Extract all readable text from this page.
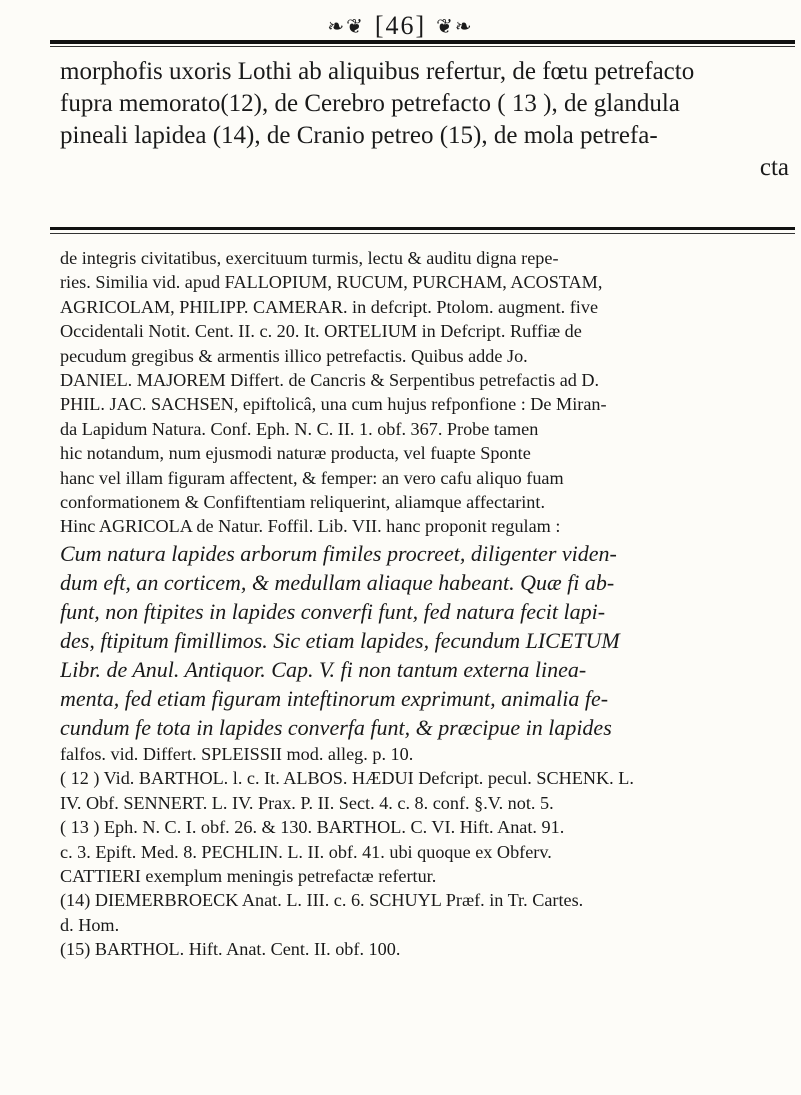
❧❦ [46] ❦❧
morphofis uxoris Lothi ab aliquibus refertur, de fœtu petrefacto
fupra memorato(12), de Cerebro petrefacto ( 13 ), de glandula
pineali lapidea (14), de Cranio petreo (15), de mola petrefa-
cta
de integris civitatibus, exercituum turmis, lectu & auditu digna repe-
ries. Similia vid. apud FALLOPIUM, RUCUM, PURCHAM, ACOSTAM,
AGRICOLAM, PHILIPP. CAMERAR. in defcript. Ptolom. augment. five
Occidentali Notit. Cent. II. c. 20. It. ORTELIUM in Defcript. Ruffiæ de
pecudum gregibus & armentis illico petrefactis. Quibus adde Jo.
DANIEL. MAJOREM Differt. de Cancris & Serpentibus petrefactis ad D.
PHIL. JAC. SACHSEN, epiftolicâ, una cum hujus refponfione : De Miran-
da Lapidum Natura. Conf. Eph. N. C. II. 1. obf. 367. Probe tamen
hic notandum, num ejusmodi naturæ producta, vel fuapte Sponte
hanc vel illam figuram affectent, & femper: an vero cafu aliquo fuam
conformationem & Confiftentiam reliquerint, aliamque affectarint.
Hinc AGRICOLA de Natur. Foffil. Lib. VII. hanc proponit regulam :
Cum natura lapides arborum fimiles procreet, diligenter viden-
dum eft, an corticem, & medullam aliaque habeant. Quæ fi ab-
funt, non ftipites in lapides converfi funt, fed natura fecit lapi-
des, ftipitum fimillimos. Sic etiam lapides, fecundum LICETUM
Libr. de Anul. Antiquor. Cap. V. fi non tantum externa linea-
menta, fed etiam figuram inteftinorum exprimunt, animalia fe-
cundum fe tota in lapides converfa funt, & præcipue in lapides
falfos. vid. Differt. SPLEISSII mod. alleg. p. 10.
( 12 ) Vid. BARTHOL. l. c. It. ALBOS. HÆDUI Defcript. pecul. SCHENK. L.
IV. Obf. SENNERT. L. IV. Prax. P. II. Sect. 4. c. 8. conf. §.V. not. 5.
( 13 ) Eph. N. C. I. obf. 26. & 130. BARTHOL. C. VI. Hift. Anat. 91.
c. 3. Epift. Med. 8. PECHLIN. L. II. obf. 41. ubi quoque ex Obferv.
CATTIERI exemplum meningis petrefactæ refertur.
(14) DIEMERBROECK Anat. L. III. c. 6. SCHUYL Præf. in Tr. Cartes.
d. Hom.
(15) BARTHOL. Hift. Anat. Cent. II. obf. 100.
